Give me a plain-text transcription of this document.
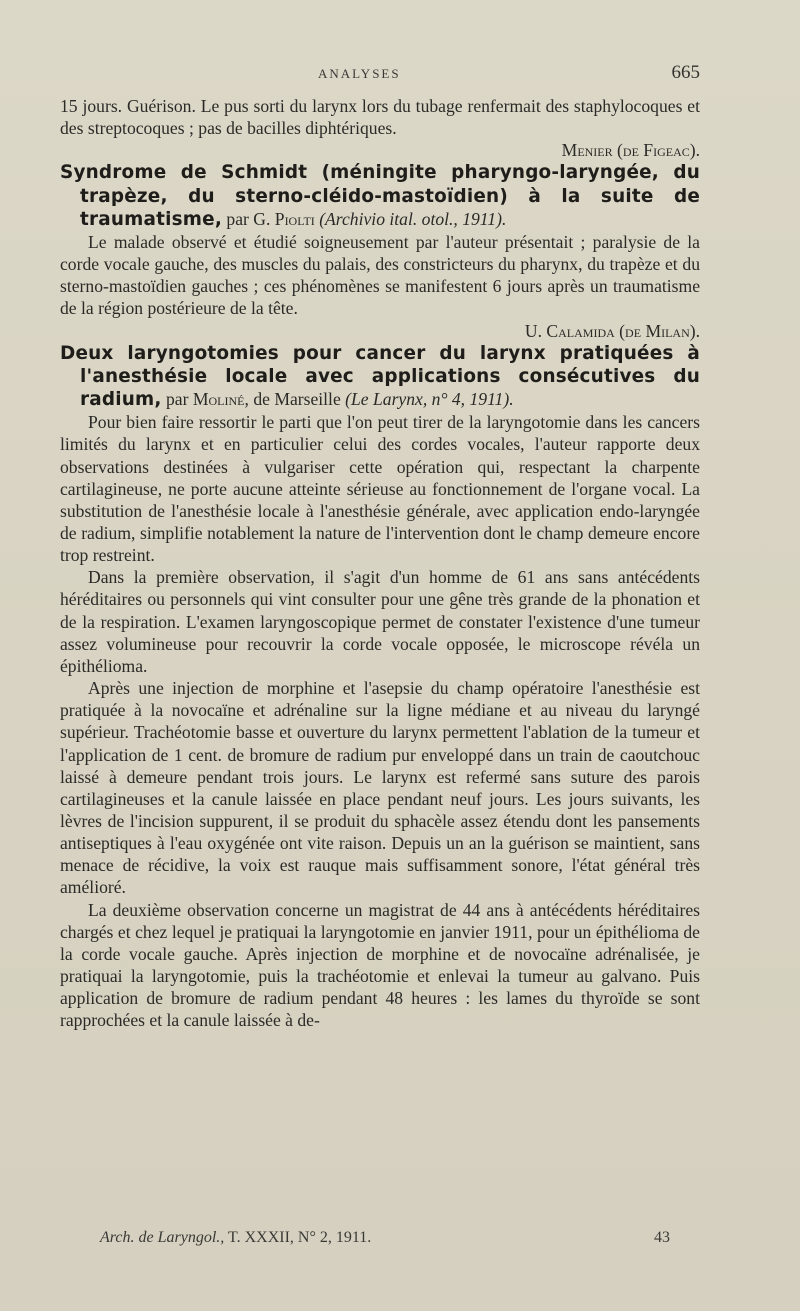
ANALYSES	665

15 jours. Guérison. Le pus sorti du larynx lors du tubage renfermait des staphylocoques et des streptocoques ; pas de bacilles diphtériques.

Menier (de Figeac).

Syndrome de Schmidt (méningite pharyngo-laryngée, du trapèze, du sterno-cléido-mastoïdien) à la suite de traumatisme, par G. Piolti (Archivio ital. otol., 1911).

Le malade observé et étudié soigneusement par l'auteur présentait ; paralysie de la corde vocale gauche, des muscles du palais, des constricteurs du pharynx, du trapèze et du sterno-mastoïdien gauches ; ces phénomènes se manifestent 6 jours après un traumatisme de la région postérieure de la tête.

U. Calamida (de Milan).

Deux laryngotomies pour cancer du larynx pratiquées à l'anesthésie locale avec applications consécutives du radium, par Moliné, de Marseille (Le Larynx, n° 4, 1911).

Pour bien faire ressortir le parti que l'on peut tirer de la laryngotomie dans les cancers limités du larynx et en particulier celui des cordes vocales, l'auteur rapporte deux observations destinées à vulgariser cette opération qui, respectant la charpente cartilagineuse, ne porte aucune atteinte sérieuse au fonctionnement de l'organe vocal. La substitution de l'anesthésie locale à l'anesthésie générale, avec application endo-laryngée de radium, simplifie notablement la nature de l'intervention dont le champ demeure encore trop restreint.

Dans la première observation, il s'agit d'un homme de 61 ans sans antécédents héréditaires ou personnels qui vint consulter pour une gêne très grande de la phonation et de la respiration. L'examen laryngoscopique permet de constater l'existence d'une tumeur assez volumineuse pour recouvrir la corde vocale opposée, le microscope révéla un épithélioma.

Après une injection de morphine et l'asepsie du champ opératoire l'anesthésie est pratiquée à la novocaïne et adrénaline sur la ligne médiane et au niveau du laryngé supérieur. Trachéotomie basse et ouverture du larynx permettent l'ablation de la tumeur et l'application de 1 cent. de bromure de radium pur enveloppé dans un train de caoutchouc laissé à demeure pendant trois jours. Le larynx est refermé sans suture des parois cartilagineuses et la canule laissée en place pendant neuf jours. Les jours suivants, les lèvres de l'incision suppurent, il se produit du sphacèle assez étendu dont les pansements antiseptiques à l'eau oxygénée ont vite raison. Depuis un an la guérison se maintient, sans menace de récidive, la voix est rauque mais suffisamment sonore, l'état général très amélioré.

La deuxième observation concerne un magistrat de 44 ans à antécédents héréditaires chargés et chez lequel je pratiquai la laryngotomie en janvier 1911, pour un épithélioma de la corde vocale gauche. Après injection de morphine et de novocaïne adrénalisée, je pratiquai la laryngotomie, puis la trachéotomie et enlevai la tumeur au galvano. Puis application de bromure de radium pendant 48 heures : les lames du thyroïde se sont rapprochées et la canule laissée à de-

Arch. de Laryngol., T. XXXII, N° 2, 1911.	43
